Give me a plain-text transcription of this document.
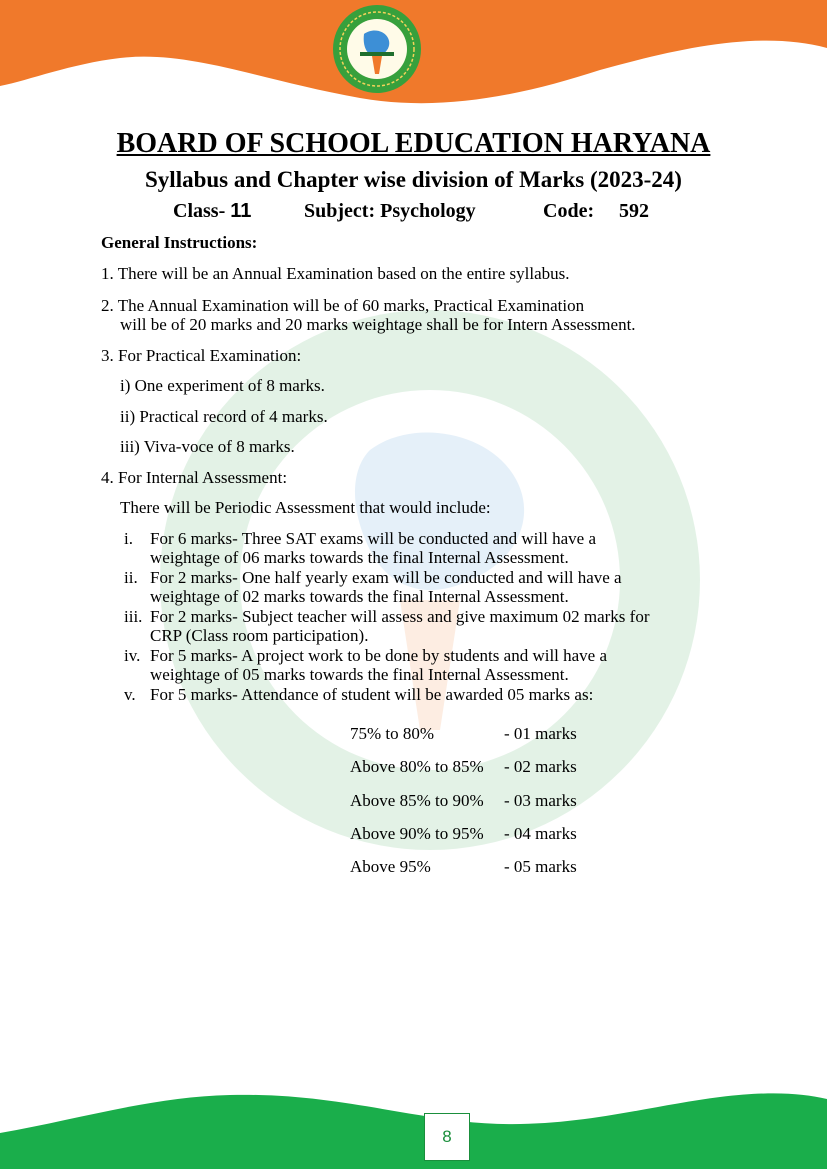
BOARD OF SCHOOL EDUCATION HARYANA
Syllabus and Chapter wise division of Marks (2023-24)
Class- 11	Subject: Psychology	Code: 592
General Instructions:
1. There will be an Annual Examination based on the entire syllabus.
2. The Annual Examination will be of 60 marks, Practical Examination
will be of 20 marks and 20 marks weightage shall be for Intern Assessment.
3. For Practical Examination:
i) One experiment of 8 marks.
ii) Practical record of 4 marks.
iii) Viva-voce of 8 marks.
4. For Internal Assessment:
There will be Periodic Assessment that would include:
i. For 6 marks- Three SAT exams will be conducted and will have a
weightage of 06 marks towards the final Internal Assessment.
ii. For 2 marks- One half yearly exam will be conducted and will have a
weightage of 02 marks towards the final Internal Assessment.
iii. For 2 marks- Subject teacher will assess and give maximum 02 marks for
CRP (Class room participation).
iv. For 5 marks- A project work to be done by students and will have a
weightage of 05 marks towards the final Internal Assessment.
v. For 5 marks- Attendance of student will be awarded 05 marks as:
75% to 80%	- 01 marks
Above 80% to 85% - 02 marks
Above 85% to 90% - 03 marks
Above 90% to 95% - 04 marks
Above 95%	- 05 marks
8
